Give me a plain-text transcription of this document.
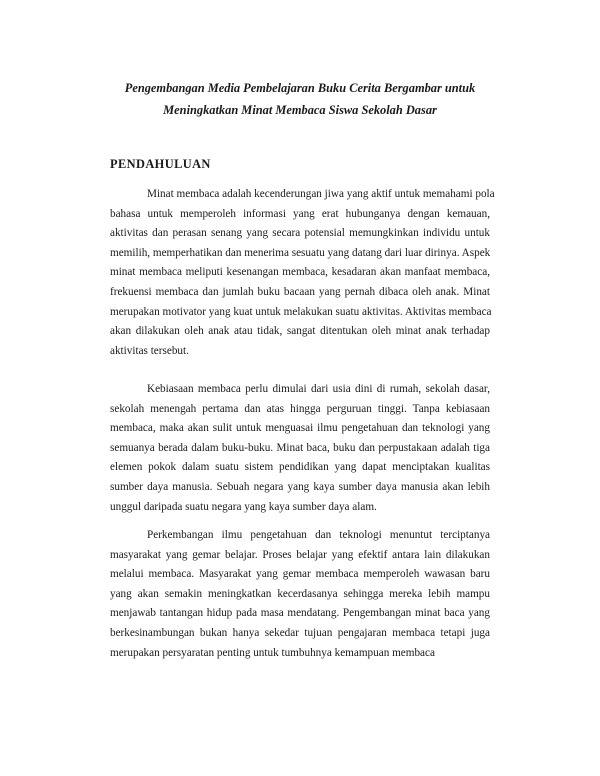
Pengembangan Media Pembelajaran Buku Cerita Bergambar untuk
Meningkatkan Minat Membaca Siswa Sekolah Dasar
PENDAHULUAN
Minat membaca adalah kecenderungan jiwa yang aktif untuk memahami pola
bahasa untuk memperoleh informasi yang erat hubunganya dengan kemauan,
aktivitas dan perasan senang yang secara potensial memungkinkan individu untuk
memilih, memperhatikan dan menerima sesuatu yang datang dari luar dirinya. Aspek
minat membaca meliputi kesenangan membaca, kesadaran akan manfaat membaca,
frekuensi membaca dan jumlah buku bacaan yang pernah dibaca oleh anak. Minat
merupakan motivator yang kuat untuk melakukan suatu aktivitas. Aktivitas membaca
akan dilakukan oleh anak atau tidak, sangat ditentukan oleh minat anak terhadap
aktivitas tersebut.
Kebiasaan membaca perlu dimulai dari usia dini di rumah, sekolah dasar,
sekolah menengah pertama dan atas hingga perguruan tinggi. Tanpa kebiasaan
membaca, maka akan sulit untuk menguasai ilmu pengetahuan dan teknologi yang
semuanya berada dalam buku-buku. Minat baca, buku dan perpustakaan adalah tiga
elemen pokok dalam suatu sistem pendidikan yang dapat menciptakan kualitas
sumber daya manusia. Sebuah negara yang kaya sumber daya manusia akan lebih
unggul daripada suatu negara yang kaya sumber daya alam.
Perkembangan ilmu pengetahuan dan teknologi menuntut terciptanya
masyarakat yang gemar belajar. Proses belajar yang efektif antara lain dilakukan
melalui membaca. Masyarakat yang gemar membaca memperoleh wawasan baru
yang akan semakin meningkatkan kecerdasanya sehingga mereka lebih mampu
menjawab tantangan hidup pada masa mendatang. Pengembangan minat baca yang
berkesinambungan bukan hanya sekedar tujuan pengajaran membaca tetapi juga
merupakan persyaratan penting untuk tumbuhnya kemampuan membaca
